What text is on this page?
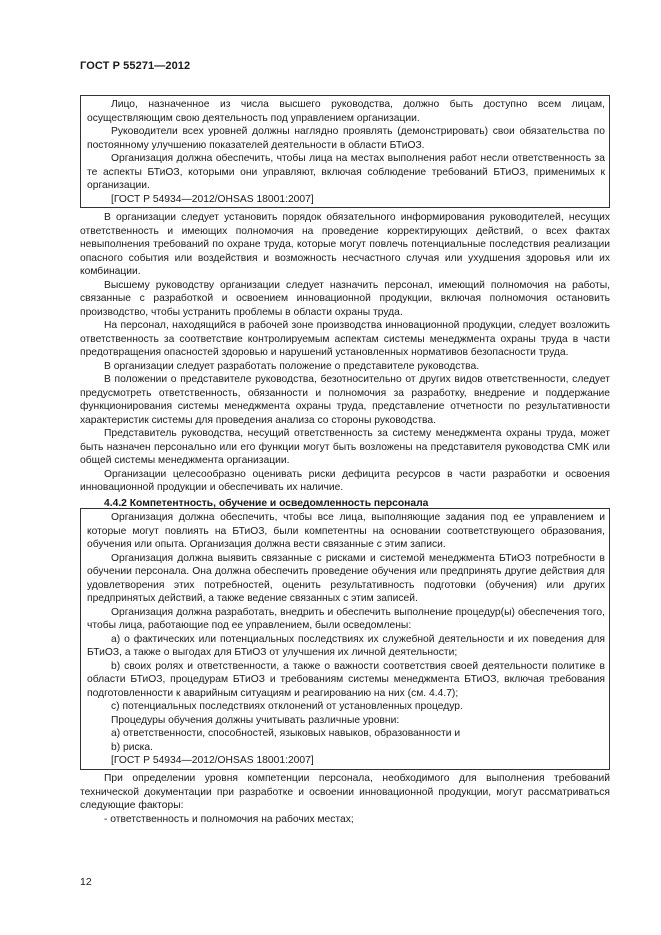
ГОСТ Р 55271—2012

Лицо, назначенное из числа высшего руководства, должно быть доступно всем лицам, осуществляющим свою деятельность под управлением организации.

Руководители всех уровней должны наглядно проявлять (демонстрировать) свои обязательства по постоянному улучшению показателей деятельности в области БТиОЗ.

Организация должна обеспечить, чтобы лица на местах выполнения работ несли ответственность за те аспекты БТиОЗ, которыми они управляют, включая соблюдение требований БТиОЗ, применимых к организации.

[ГОСТ Р 54934—2012/OHSAS 18001:2007]

В организации следует установить порядок обязательного информирования руководителей, несущих ответственность и имеющих полномочия на проведение корректирующих действий, о всех фактах невыполнения требований по охране труда, которые могут повлечь потенциальные последствия реализации опасного события или воздействия и возможность несчастного случая или ухудшения здоровья или их комбинации.

Высшему руководству организации следует назначить персонал, имеющий полномочия на работы, связанные с разработкой и освоением инновационной продукции, включая полномочия остановить производство, чтобы устранить проблемы в области охраны труда.

На персонал, находящийся в рабочей зоне производства инновационной продукции, следует возложить ответственность за соответствие контролируемым аспектам системы менеджмента охраны труда в части предотвращения опасностей здоровью и нарушений установленных нормативов безопасности труда.

В организации следует разработать положение о представителе руководства.

В положении о представителе руководства, безотносительно от других видов ответственности, следует предусмотреть ответственность, обязанности и полномочия за разработку, внедрение и поддержание функционирования системы менеджмента охраны труда, представление отчетности по результативности характеристик системы для проведения анализа со стороны руководства.

Представитель руководства, несущий ответственность за систему менеджмента охраны труда, может быть назначен персонально или его функции могут быть возложены на представителя руководства СМК или общей системы менеджмента организации.

Организации целесообразно оценивать риски дефицита ресурсов в части разработки и освоения инновационной продукции и обеспечивать их наличие.

4.4.2 Компетентность, обучение и осведомленность персонала

Организация должна обеспечить, чтобы все лица, выполняющие задания под ее управлением и которые могут повлиять на БТиОЗ, были компетентны на основании соответствующего образования, обучения или опыта. Организация должна вести связанные с этим записи.

Организация должна выявить связанные с рисками и системой менеджмента БТиОЗ потребности в обучении персонала. Она должна обеспечить проведение обучения или предпринять другие действия для удовлетворения этих потребностей, оценить результативность подготовки (обучения) или других предпринятых действий, а также ведение связанных с этим записей.

Организация должна разработать, внедрить и обеспечить выполнение процедур(ы) обеспечения того, чтобы лица, работающие под ее управлением, были осведомлены:

а) о фактических или потенциальных последствиях их служебной деятельности и их поведения для БТиОЗ, а также о выгодах для БТиОЗ от улучшения их личной деятельности;

b) своих ролях и ответственности, а также о важности соответствия своей деятельности политике в области БТиОЗ, процедурам БТиОЗ и требованиям системы менеджмента БТиОЗ, включая требования подготовленности к аварийным ситуациям и реагированию на них (см. 4.4.7);

c) потенциальных последствиях отклонений от установленных процедур.

Процедуры обучения должны учитывать различные уровни:

a) ответственности, способностей, языковых навыков, образованности и

b) риска.

[ГОСТ Р 54934—2012/OHSAS 18001:2007]

При определении уровня компетенции персонала, необходимого для выполнения требований технической документации при разработке и освоении инновационной продукции, могут рассматриваться следующие факторы:

- ответственность и полномочия на рабочих местах;

12
